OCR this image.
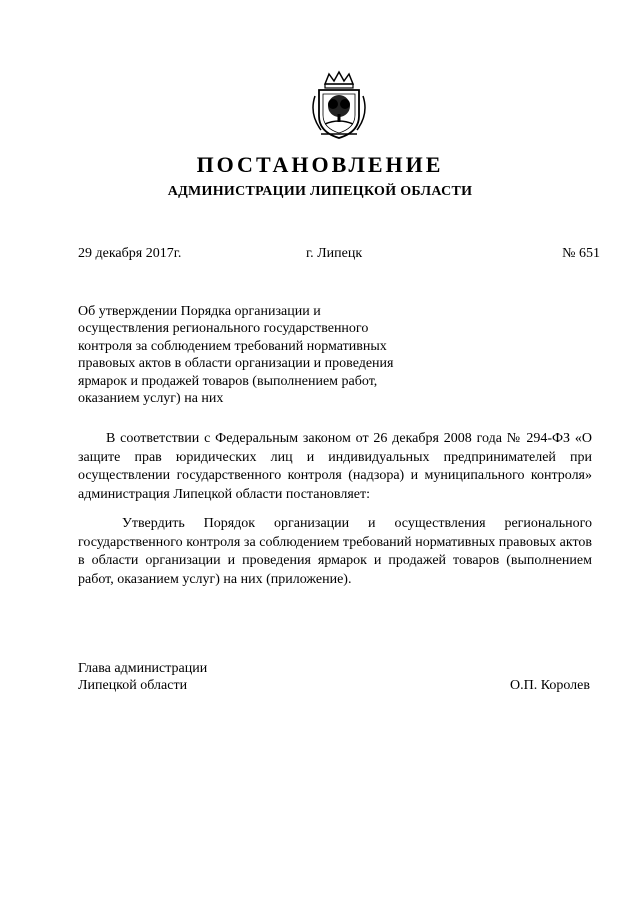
ПОСТАНОВЛЕНИЕ
АДМИНИСТРАЦИИ ЛИПЕЦКОЙ ОБЛАСТИ
29 декабря 2017г.	г. Липецк	№ 651
Об утверждении Порядка организации и
осуществления регионального государственного
контроля за соблюдением требований нормативных
правовых актов в области организации и проведения
ярмарок и продажей товаров (выполнением работ,
оказанием услуг) на них
В соответствии с Федеральным законом от 26 декабря 2008 года № 294-ФЗ «О защите прав юридических лиц и индивидуальных предпринимателей при осуществлении государственного контроля (надзора) и муниципального контроля» администрация Липецкой области постановляет:
Утвердить Порядок организации и осуществления регионального государственного контроля за соблюдением требований нормативных правовых актов в области организации и проведения ярмарок и продажей товаров (выполнением работ, оказанием услуг) на них (приложение).
Глава администрации
Липецкой области	О.П. Королев
